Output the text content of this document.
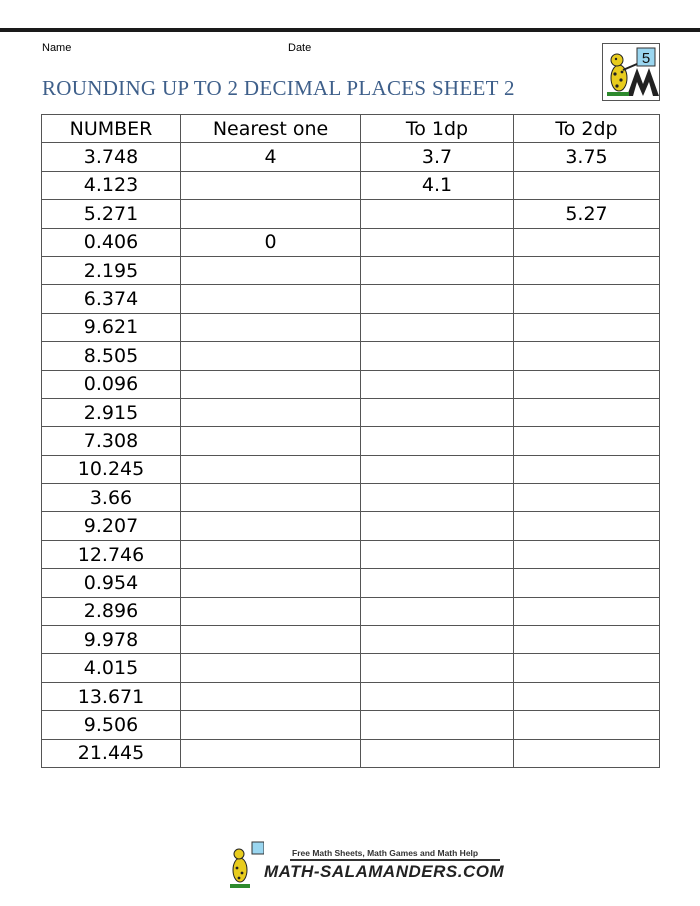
Name	Date
ROUNDING UP TO 2 DECIMAL PLACES SHEET 2
5
NUMBER	Nearest one	To 1dp	To 2dp
3.748	4	3.7	3.75
4.123		4.1	
5.271			5.27
0.406	0		
2.195			
6.374			
9.621			
8.505			
0.096			
2.915			
7.308			
10.245			
3.66			
9.207			
12.746			
0.954			
2.896			
9.978			
4.015			
13.671			
9.506			
21.445			
Free Math Sheets, Math Games and Math Help
MATH-SALAMANDERS.COM
